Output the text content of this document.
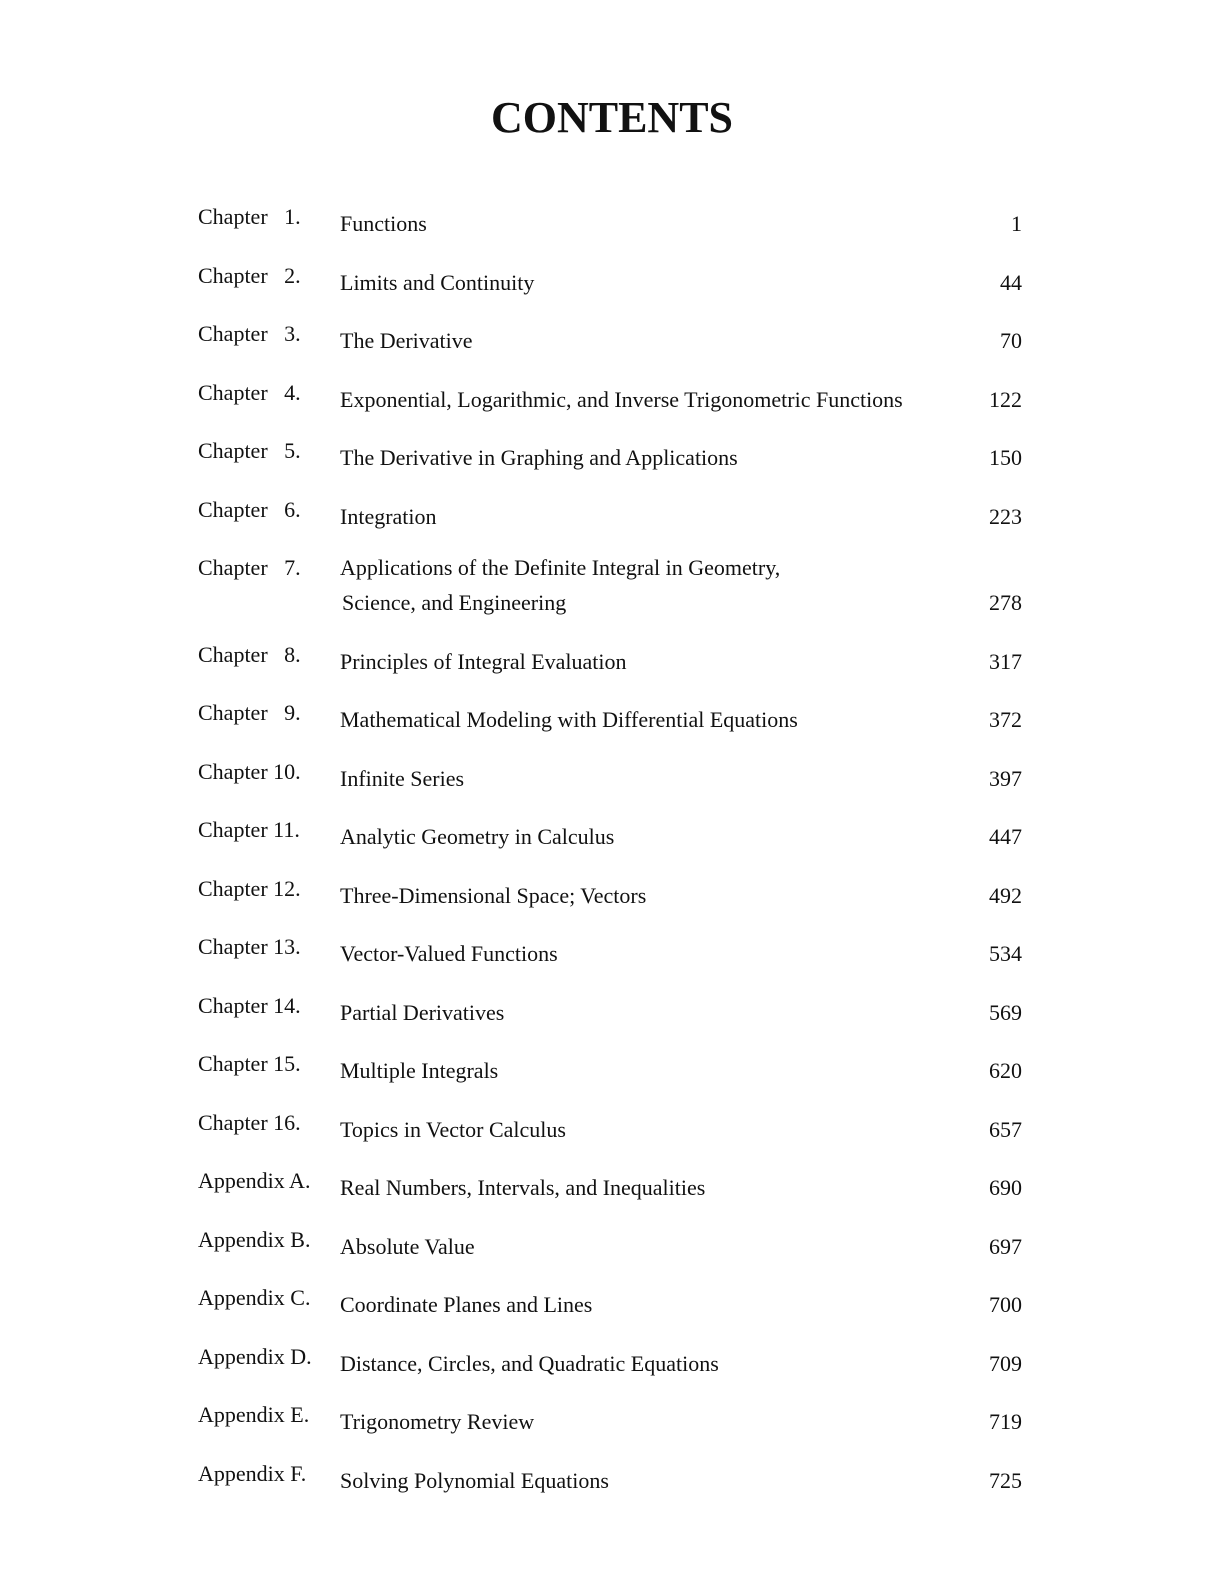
CONTENTS
Chapter   1.	Functions	1
Chapter   2.	Limits and Continuity	44
Chapter   3.	The Derivative	70
Chapter   4.	Exponential, Logarithmic, and Inverse Trigonometric Functions	122
Chapter   5.	The Derivative in Graphing and Applications	150
Chapter   6.	Integration	223
Chapter   7.	Applications of the Definite Integral in Geometry,
Science, and Engineering	278
Chapter   8.	Principles of Integral Evaluation	317
Chapter   9.	Mathematical Modeling with Differential Equations	372
Chapter 10.	Infinite Series	397
Chapter 11.	Analytic Geometry in Calculus	447
Chapter 12.	Three-Dimensional Space; Vectors	492
Chapter 13.	Vector-Valued Functions	534
Chapter 14.	Partial Derivatives	569
Chapter 15.	Multiple Integrals	620
Chapter 16.	Topics in Vector Calculus	657
Appendix A.	Real Numbers, Intervals, and Inequalities	690
Appendix B.	Absolute Value	697
Appendix C.	Coordinate Planes and Lines	700
Appendix D.	Distance, Circles, and Quadratic Equations	709
Appendix E.	Trigonometry Review	719
Appendix F.	Solving Polynomial Equations	725
